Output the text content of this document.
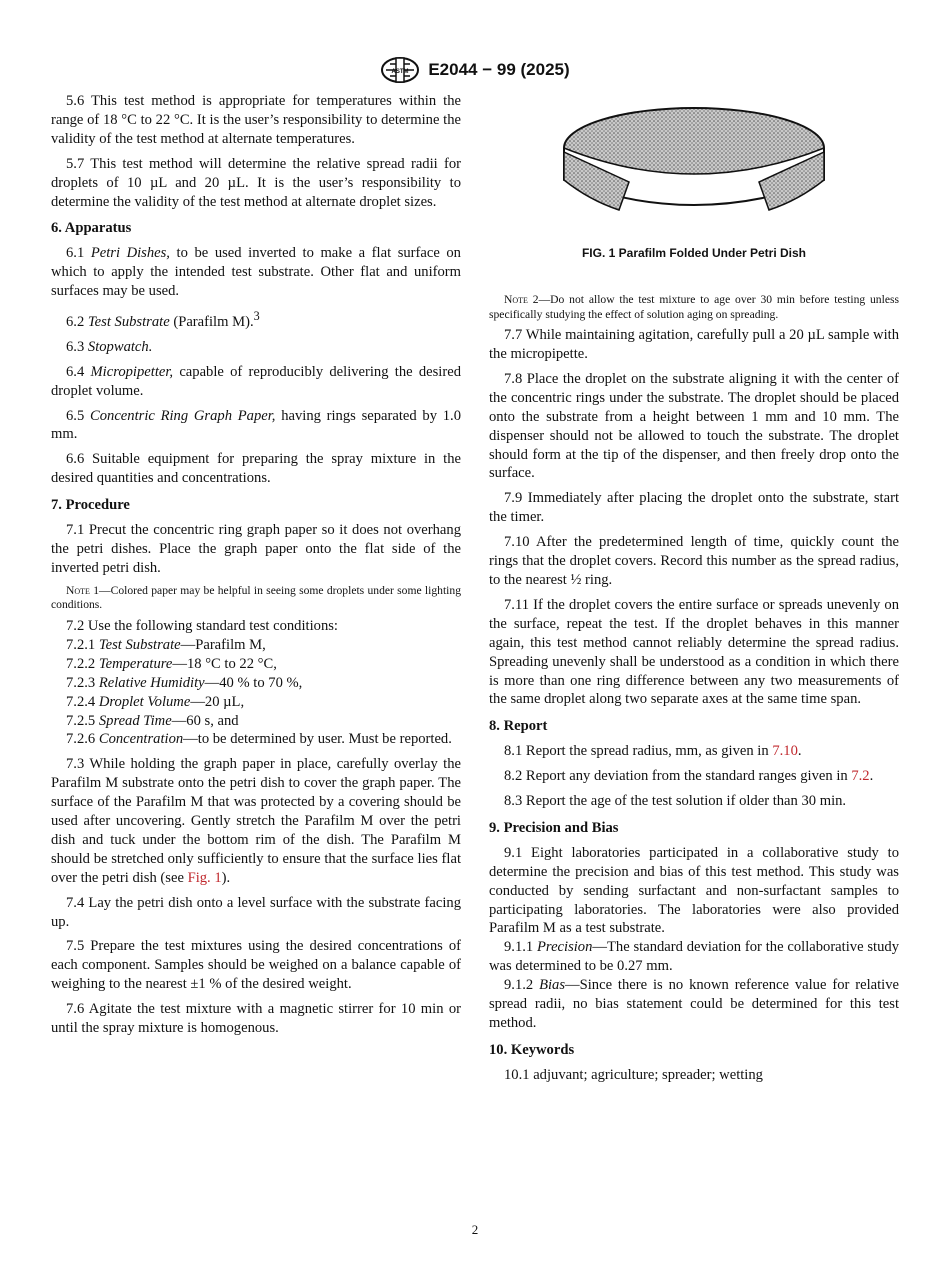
ASTM E2044 − 99 (2025)

5.6 This test method is appropriate for temperatures within the range of 18 °C to 22 °C. It is the user’s responsibility to determine the validity of the test method at alternate temperatures.

5.7 This test method will determine the relative spread radii for droplets of 10 µL and 20 µL. It is the user’s responsibility to determine the validity of the test method at alternate droplet sizes.

6. Apparatus

6.1 Petri Dishes, to be used inverted to make a flat surface on which to apply the intended test substrate. Other flat and uniform surfaces may be used.

6.2 Test Substrate (Parafilm M).$^3$

6.3 Stopwatch.

6.4 Micropipetter, capable of reproducibly delivering the desired droplet volume.

6.5 Concentric Ring Graph Paper, having rings separated by 1.0 mm.

6.6 Suitable equipment for preparing the spray mixture in the desired quantities and concentrations.

7. Procedure

7.1 Precut the concentric ring graph paper so it does not overhang the petri dishes. Place the graph paper onto the flat side of the inverted petri dish.

Note 1—Colored paper may be helpful in seeing some droplets under some lighting conditions.

7.2 Use the following standard test conditions:

7.2.1 Test Substrate—Parafilm M,

7.2.2 Temperature—18 °C to 22 °C,

7.2.3 Relative Humidity—40 % to 70 %,

7.2.4 Droplet Volume—20 µL,

7.2.5 Spread Time—60 s, and

7.2.6 Concentration—to be determined by user. Must be reported.

7.3 While holding the graph paper in place, carefully overlay the Parafilm M substrate onto the petri dish to cover the graph paper. The surface of the Parafilm M that was protected by a covering should be used after uncovering. Gently stretch the Parafilm M over the petri dish and tuck under the bottom rim of the dish. The Parafilm M should be stretched only sufficiently to ensure that the surface lies flat over the petri dish (see Fig. 1).

7.4 Lay the petri dish onto a level surface with the substrate facing up.

7.5 Prepare the test mixtures using the desired concentrations of each component. Samples should be weighed on a balance capable of weighing to the nearest ±1 % of the desired weight.

7.6 Agitate the test mixture with a magnetic stirrer for 10 min or until the spray mixture is homogenous.

FIG. 1 Parafilm Folded Under Petri Dish

Note 2—Do not allow the test mixture to age over 30 min before testing unless specifically studying the effect of solution aging on spreading.

7.7 While maintaining agitation, carefully pull a 20 µL sample with the micropipette.

7.8 Place the droplet on the substrate aligning it with the center of the concentric rings under the substrate. The droplet should be placed onto the substrate from a height between 1 mm and 10 mm. The dispenser should not be allowed to touch the substrate. The droplet should form at the tip of the dispenser, and then freely drop onto the surface.

7.9 Immediately after placing the droplet onto the substrate, start the timer.

7.10 After the predetermined length of time, quickly count the rings that the droplet covers. Record this number as the spread radius, to the nearest ½ ring.

7.11 If the droplet covers the entire surface or spreads unevenly on the surface, repeat the test. If the droplet behaves in this manner again, this test method cannot reliably determine the spread radius. Spreading unevenly shall be understood as a condition in which there is more than one ring difference between any two measurements of the same droplet along two separate axes at the same time span.

8. Report

8.1 Report the spread radius, mm, as given in 7.10.

8.2 Report any deviation from the standard ranges given in 7.2.

8.3 Report the age of the test solution if older than 30 min.

9. Precision and Bias

9.1 Eight laboratories participated in a collaborative study to determine the precision and bias of this test method. This study was conducted by sending surfactant and non-surfactant samples to participating laboratories. The laboratories were also provided Parafilm M as a test substrate.

9.1.1 Precision—The standard deviation for the collaborative study was determined to be 0.27 mm.

9.1.2 Bias—Since there is no known reference value for relative spread radii, no bias statement could be determined for this test method.

10. Keywords

10.1 adjuvant; agriculture; spreader; wetting

2
